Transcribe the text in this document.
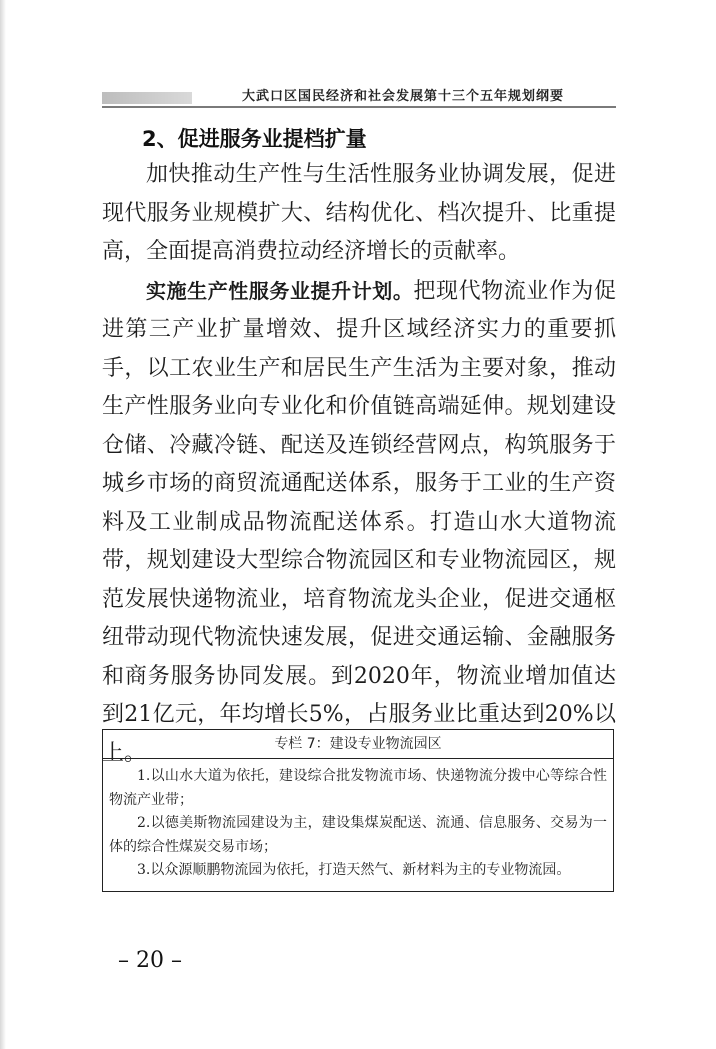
大武口区国民经济和社会发展第十三个五年规划纲要
2、促进服务业提档扩量

加快推动生产性与生活性服务业协调发展，促进现代服务业规模扩大、结构优化、档次提升、比重提高，全面提高消费拉动经济增长的贡献率。

实施生产性服务业提升计划。把现代物流业作为促进第三产业扩量增效、提升区域经济实力的重要抓手，以工农业生产和居民生产生活为主要对象，推动生产性服务业向专业化和价值链高端延伸。规划建设仓储、冷藏冷链、配送及连锁经营网点，构筑服务于城乡市场的商贸流通配送体系，服务于工业的生产资料及工业制成品物流配送体系。打造山水大道物流带，规划建设大型综合物流园区和专业物流园区，规范发展快递物流业，培育物流龙头企业，促进交通枢纽带动现代物流快速发展，促进交通运输、金融服务和商务服务协同发展。到2020年，物流业增加值达到21亿元，年均增长5%，占服务业比重达到20%以上。	专栏 7：建设专业物流园区

1.以山水大道为依托，建设综合批发物流市场、快递物流分拨中心等综合性物流产业带；

2.以德美斯物流园建设为主，建设集煤炭配送、流通、信息服务、交易为一体的综合性煤炭交易市场；

3.以众源顺鹏物流园为依托，打造天然气、新材料为主的专业物流园。

– 20 –
